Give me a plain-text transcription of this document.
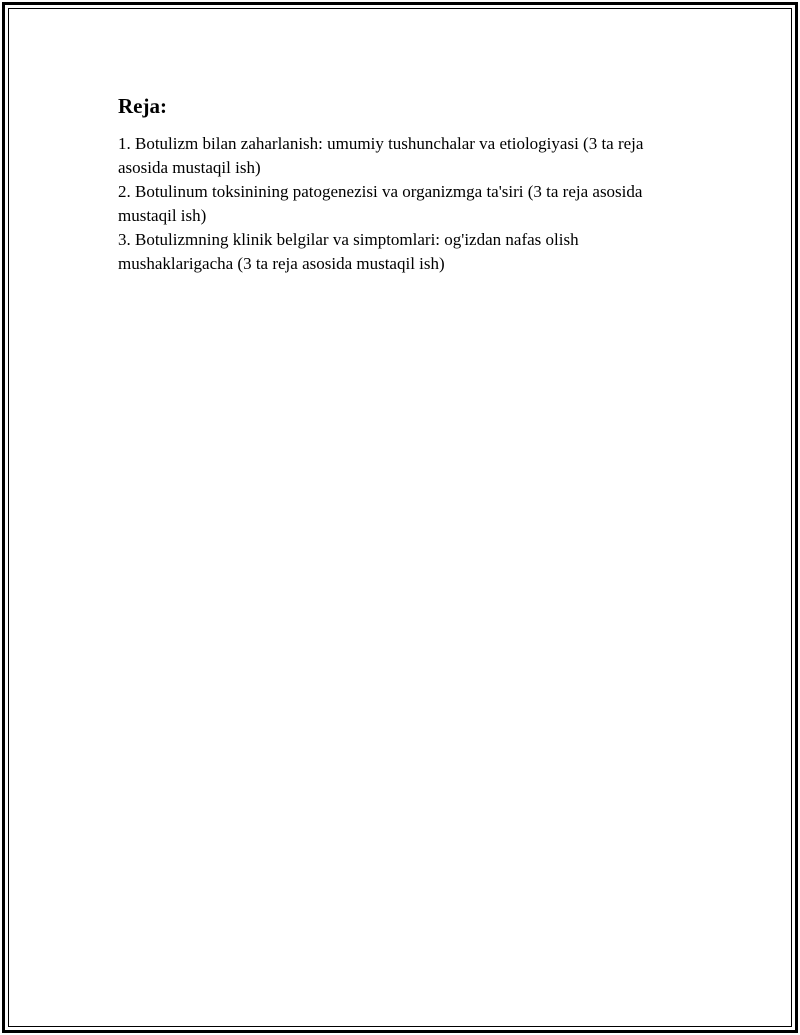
Reja:
1. Botulizm bilan zaharlanish: umumiy tushunchalar va etiologiyasi (3 ta reja asosida mustaqil ish)
2. Botulinum toksinining patogenezisi va organizmga ta'siri (3 ta reja asosida mustaqil ish)
3. Botulizmning klinik belgilar va simptomlari: og'izdan nafas olish mushaklarigacha (3 ta reja asosida mustaqil ish)
